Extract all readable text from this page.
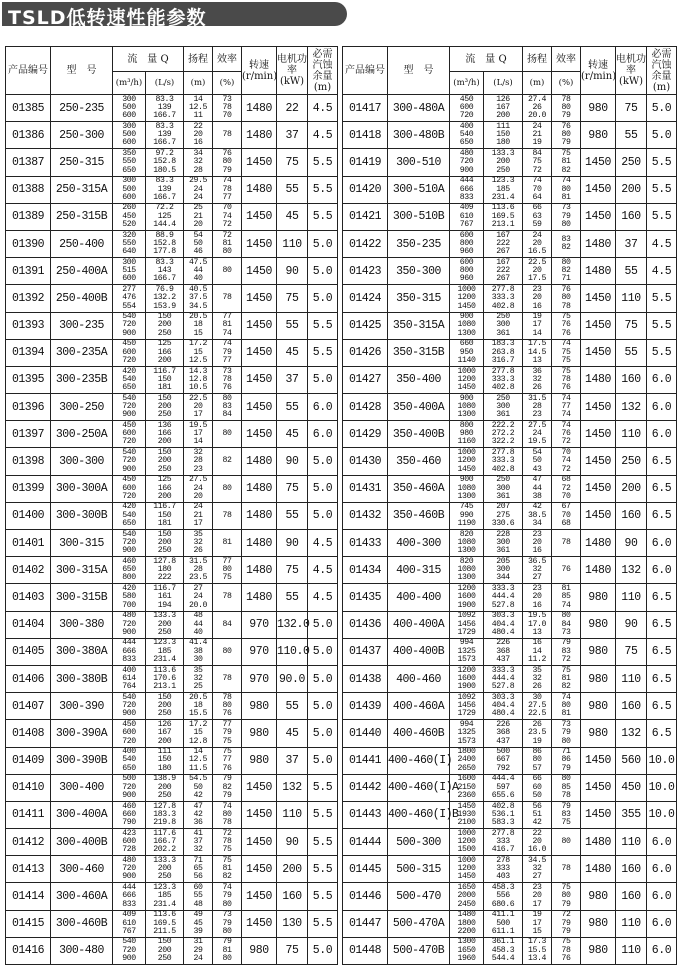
TSLD低转速性能参数
产品编号	型　号	流　量 Q		扬程	效率	转速
(r/min)	电机功率(kW)	必需汽蚀余量
(m)

		(m³/h)	(L/s)	(m)	(%)			
01385	250-235	300
500
600	83.3
139
166.7	14
12.5
11	73
78
70	1480	22	4.5
01386	250-300	300
500
600	83.3
139
166.7	22
20
16	78	1480	37	4.5
01387	250-315	350
550
650	97.2
152.8
180.5	34
32
28	76
80
79	1450	75	5.5
01388	250-315A	300
500
600	83.3
139
166.7	29.5
24
24	74
78
77	1480	55	5.5
01389	250-315B	260
450
520	72.2
125
144.4	25
21
20	70
74
72	1450	45	5.5
01390	250-400	320
550
640	88.9
152.8
177.8	54
50
46	72
81
80	1450	110	5.0
01391	250-400A	300
515
600	83.3
143
166.7	47.5
44
40	80	1450	90	5.0
01392	250-400B	277
476
554	76.9
132.2
153.9	40.5
37.5
34.5	78	1450	75	5.0
01393	300-235	540
720
900	150
200
250	20.5
18
15	77
81
74	1450	55	5.5
01394	300-235A	450
600
720	125
166
200	17.2
15
12.5	74
79
77	1450	45	5.5
01395	300-235B	420
540
650	116.7
150
181	14.3
12.8
10.5	73
78
76	1450	37	5.0
01396	300-250	540
720
900	150
200
250	22.5
20
17	80
83
84	1450	55	6.0
01397	300-250A	450
600
720	136
166
200	19.5
17
14	80	1450	45	6.0
01398	300-300	540
720
900	150
200
250	32
28
23	82	1480	90	5.0
01399	300-300A	450
600
720	125
166
200	27.5
24
20	80	1480	75	5.0
01400	300-300B	420
540
650	116.7
150
181	24
21
17	78	1480	55	5.0
01401	300-315	540
720
900	150
200
250	35
32
26	81	1480	90	4.5
01402	300-315A	460
650
800	127.8
180
222	31.5
28
23.5	77
80
75	1480	75	4.5
01403	300-315B	420
580
700	116.7
161
194	27
24
20.0	78	1480	55	4.5
01404	300-380	480
720
900	133.3
200
250	48
44
40	84	970	132.0	5.0
01405	300-380A	444
666
833	123.3
185
231.4	41.4
38
30	80	970	110.0	5.0
01406	300-380B	400
614
764	113.6
170.6
213.1	35
32
25	78	970	90.0	5.0
01407	300-390	540
720
900	150
200
250	20.5
18
15.5	78
80
76	980	55	5.0
01408	300-390A	450
600
720	126
167
200	17.2
15
12.8	77
79
75	980	45	5.0
01409	300-390B	400
540
650	111
150
180	14
12.5
11.5	75
77
76	980	37	5.0
01410	300-400	500
720
900	138.9
200
250	54.5
50
42	79
82
79	1450	132	5.5
01411	300-400A	460
660
790	127.8
183.3
219.8	47
42
36	74
80
78	1450	110	5.5
01412	300-400B	423
600
728	117.6
166.7
202.2	41
37
32	72
78
75	1450	90	5.5
01413	300-460	480
720
900	133.3
200
250	71
65
56	75
81
82	1450	200	5.5
01414	300-460A	444
666
833	123.3
185
231.4	60
55
48	74
79
80	1450	160	5.5
01415	300-460B	409
610
767	113.6
169.5
211.5	49
45
39	73
79
80	1450	130	5.5
01416	300-480	540
720
900	150
200
250	31
29
24	79
81
80	980	75	5.0
产品编号	型　号	流　量 Q		扬程	效率	转速
(r/min)	电机功率(kW)	必需汽蚀余量
(m)

		(m³/h)	(L/s)	(m)	(%)			
01417	300-480A	450
600
720	126
167
200	27.4
26
20.0	78
80
79	980	75	5.0
01418	300-480B	400
540
650	111
150
180	24
21
19	76
80
79	980	55	5.0
01419	300-510	480
720
900	133.3
200
250	84
75
72	75
81
82	1450	250	5.5
01420	300-510A	444
666
833	123.3
185
231.4	74
70
64	74
80
81	1450	200	5.5
01421	300-510B	409
610
767	113.6
169.5
213.1	66
63
59	73
79
80	1450	160	5.5
01422	350-235	600
800
960	167
222
267	24
20
16.5	83
82	1480	37	4.5
01423	350-300	600
800
960	167
222
267	22.5
20
17.5	80
82
71	1480	55	4.5
01424	350-315	1000
1200
1450	277.8
333.3
402.8	23
20
16	76
80
78	1450	110	5.5
01425	350-315A	900
1080
1300	250
300
361	19
17
14	75
76
76	1450	75	5.5
01426	350-315B	660
950
1140	183.3
263.8
316.7	17.5
14.5
13	74
75
75	1450	55	5.5
01427	350-400	1000
1200
1450	277.8
333.3
402.8	36
32
26	75
78
76	1480	160	6.0
01428	350-400A	900
1080
1300	250
300
361	31.5
28
23	74
77
74	1450	132	6.0
01429	350-400B	800
980
1160	222.2
272.2
322.2	27.5
24
19.5	74
76
72	1450	110	6.0
01430	350-460	1000
1200
1450	277.8
333.3
402.8	54
50
43	70
74
72	1450	250	6.5
01431	350-460A	900
1080
1300	250
300
361	47
44
38	68
72
70	1450	200	6.5
01432	350-460B	745
990
1190	207
275
330.6	42
38.5
34	67
70
68	1450	160	6.5
01433	400-300	820
1080
1300	228
300
361	23
20
16	78	1480	90	6.0
01434	400-315	820
1080
1300	205
300
344	36.5
32
27	76	1480	132	6.0
01435	400-400	1200
1600
1900	333.3
444.4
527.8	23
20
16	81
85
74	980	110	6.5
01436	400-400A	1092
1456
1729	303.3
404.4
480.4	19.5
17.0
13	80
84
73	980	90	6.5
01437	400-400B	994
1325
1573	226
368
437	16
14
11.2	79
83
72	980	75	6.5
01438	400-460	1200
1600
1900	333.3
444.4
527.8	35
32
26	75
81
82	980	110	6.5
01439	400-460A	1092
1456
1729	303.3
404.4
480.4	30
27.5
22.5	74
80
81	980	160	6.5
01440	400-460B	994
1325
1573	226
368
437	26
23.5
19	73
79
80	980	132	6.5
01441	400-460(I)	1800
2400
2650	500
667
792	86
80
57	71
86
79	1450	560	10.0
01442	400-460(I)A	1600
2150
2360	444.4
597
655.6	66
60
50	80
85
78	1450	450	10.0
01443	400-460(I)B	1450
1930
2100	402.8
536.1
583.3	56
51
42	79
83
75	1450	355	10.0
01444	500-300	1000
1200
1500	277.8
333
416.7	22
20
16.0	80	1480	110	6.0
01445	500-315	1000
1200
1450	278
333
403	34.5
32
27	78	1480	160	6.0
01446	500-470	1650
2000
2450	458.3
556
680.6	23
20
17	75
80
79	980	160	6.0
01447	500-470A	1480
1800
2200	411.1
500
611.1	19
17
15	72
79
79	980	110	6.0
01448	500-470B	1300
1650
1960	361.1
458.3
544.4	17.3
15.5
13.4	75
78
76	980	110	6.0
